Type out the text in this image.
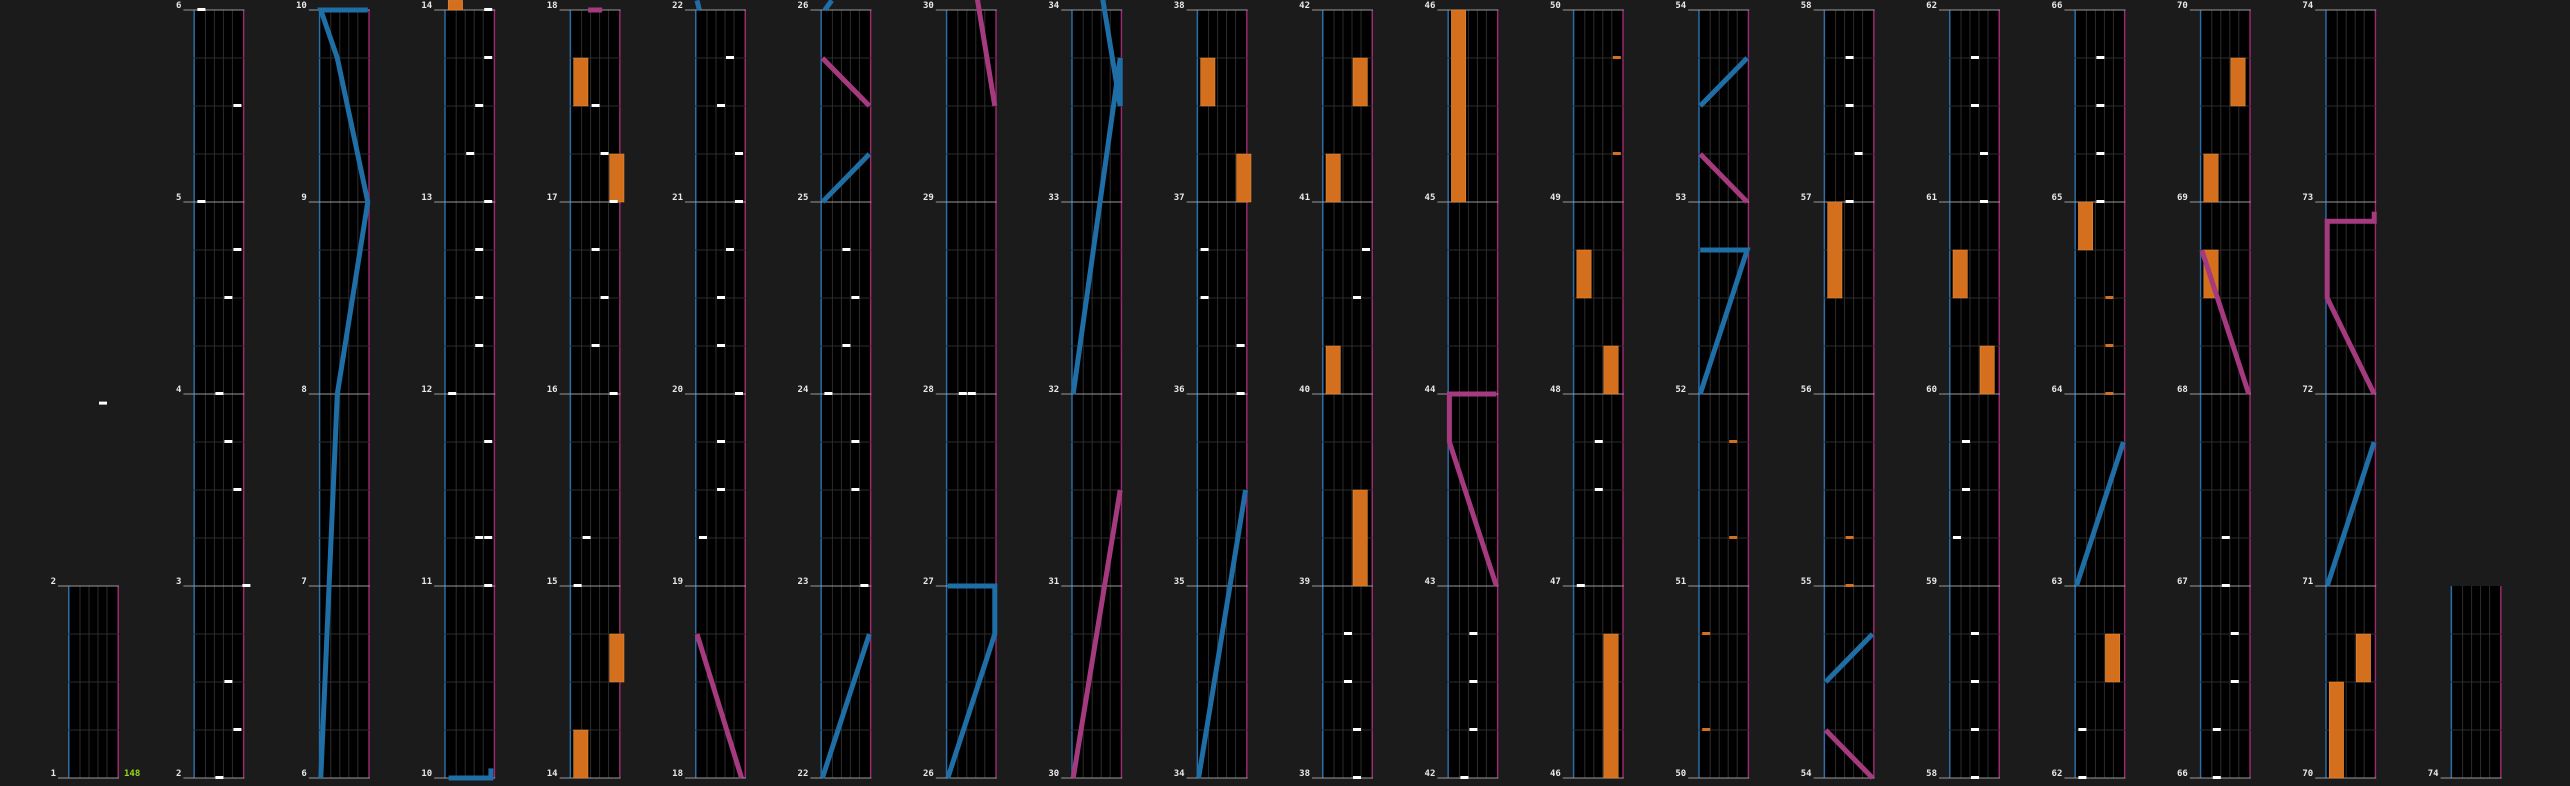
1
2
2
3
4
5
6
6
7
8
9
10
10
11
12
13
14
14
15
16
17
18
18
19
20
21
22
22
23
24
25
26
26
27
28
29
30
30
31
32
33
34
34
35
36
37
38
38
39
40
41
42
42
43
44
45
46
46
47
48
49
50
50
51
52
53
54
54
55
56
57
58
58
59
60
61
62
62
63
64
65
66
66
67
68
69
70
70
71
72
73
74
74
148
